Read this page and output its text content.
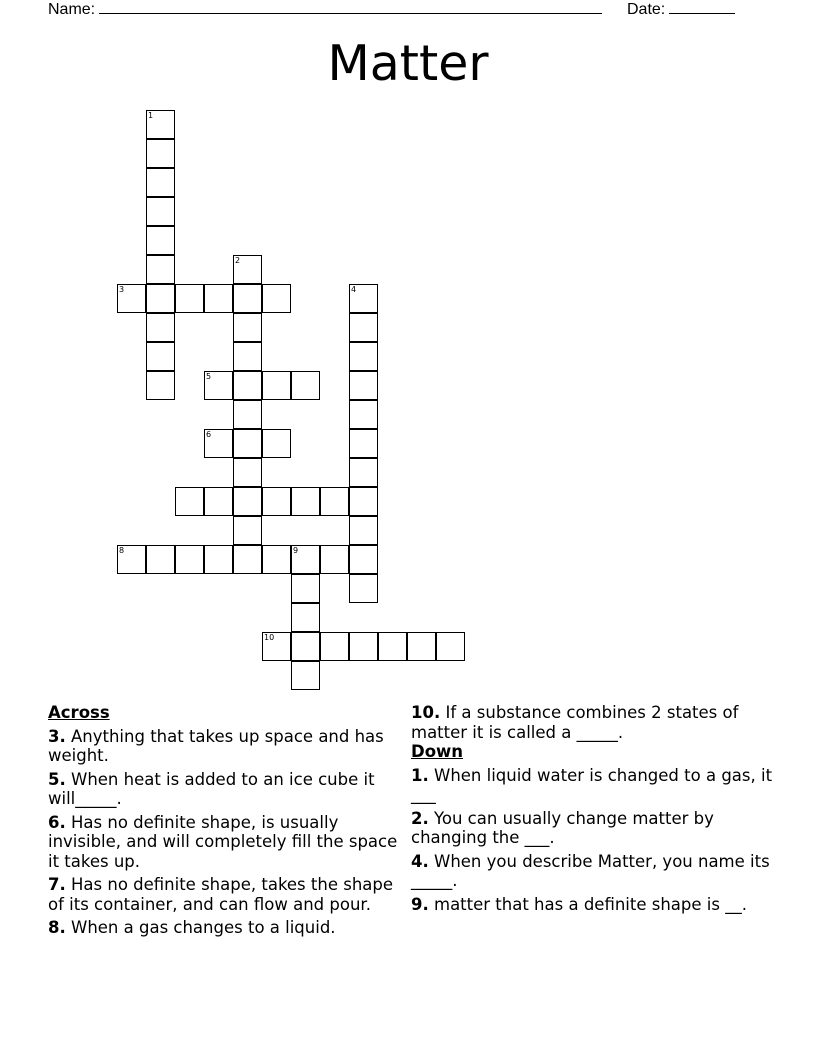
Name:	Date:
Matter
1
2
3	4
5
6
8	9
10
Across
3. Anything that takes up space and has weight.
5. When heat is added to an ice cube it will_____.
6. Has no definite shape, is usually invisible, and will completely fill the space it takes up.
7. Has no definite shape, takes the shape of its container, and can flow and pour.
8. When a gas changes to a liquid.
10. If a substance combines 2 states of matter it is called a _____.
Down
1. When liquid water is changed to a gas, it ___
2. You can usually change matter by changing the ___.
4. When you describe Matter, you name its _____.
9. matter that has a definite shape is __.
